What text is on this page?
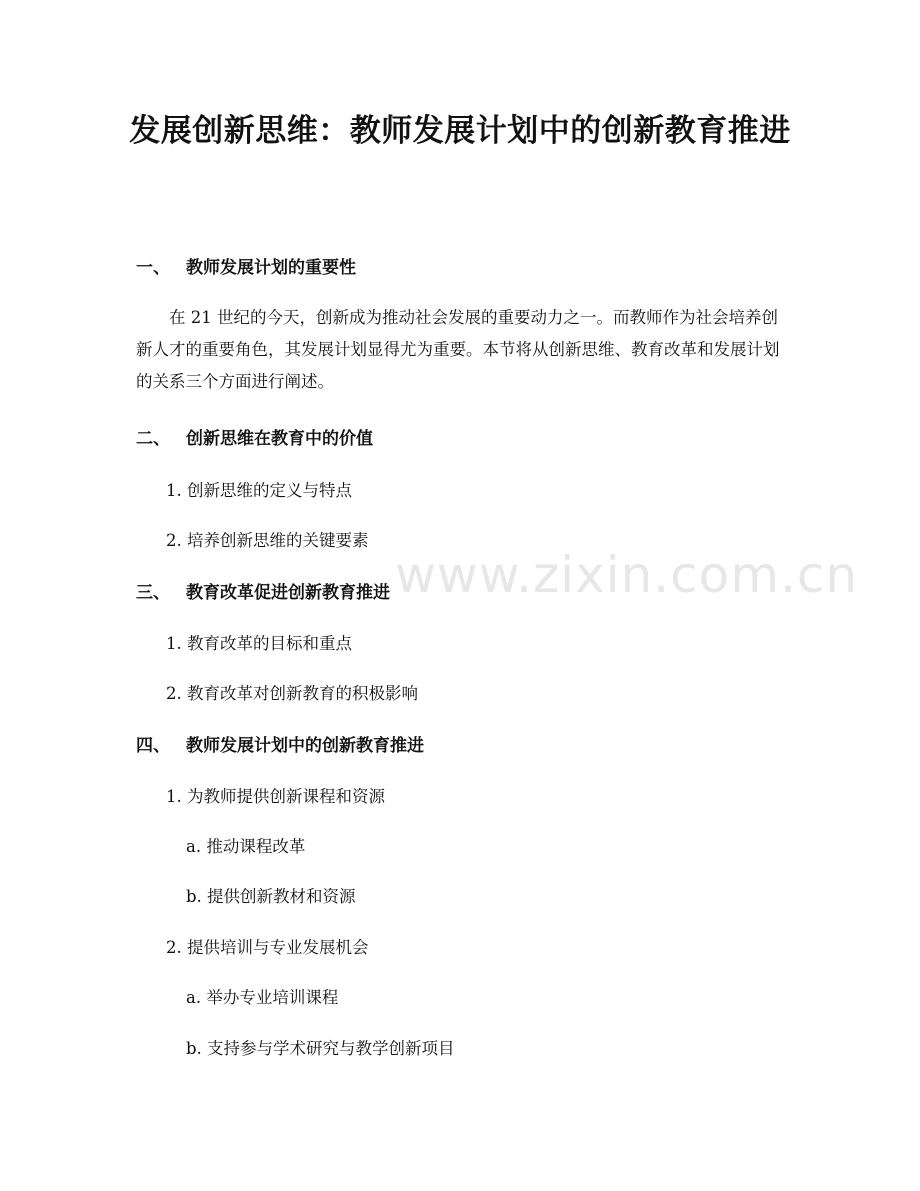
www.zixin.com.cn
发展创新思维：教师发展计划中的创新教育推进
一、 教师发展计划的重要性

在 21 世纪的今天，创新成为推动社会发展的重要动力之一。而教师作为社会培养创新人才的重要角色，其发展计划显得尤为重要。本节将从创新思维、教育改革和发展计划的关系三个方面进行阐述。

二、 创新思维在教育中的价值

1. 创新思维的定义与特点

2. 培养创新思维的关键要素

三、 教育改革促进创新教育推进

1. 教育改革的目标和重点

2. 教育改革对创新教育的积极影响

四、 教师发展计划中的创新教育推进

1. 为教师提供创新课程和资源

a. 推动课程改革

b. 提供创新教材和资源

2. 提供培训与专业发展机会

a. 举办专业培训课程

b. 支持参与学术研究与教学创新项目
